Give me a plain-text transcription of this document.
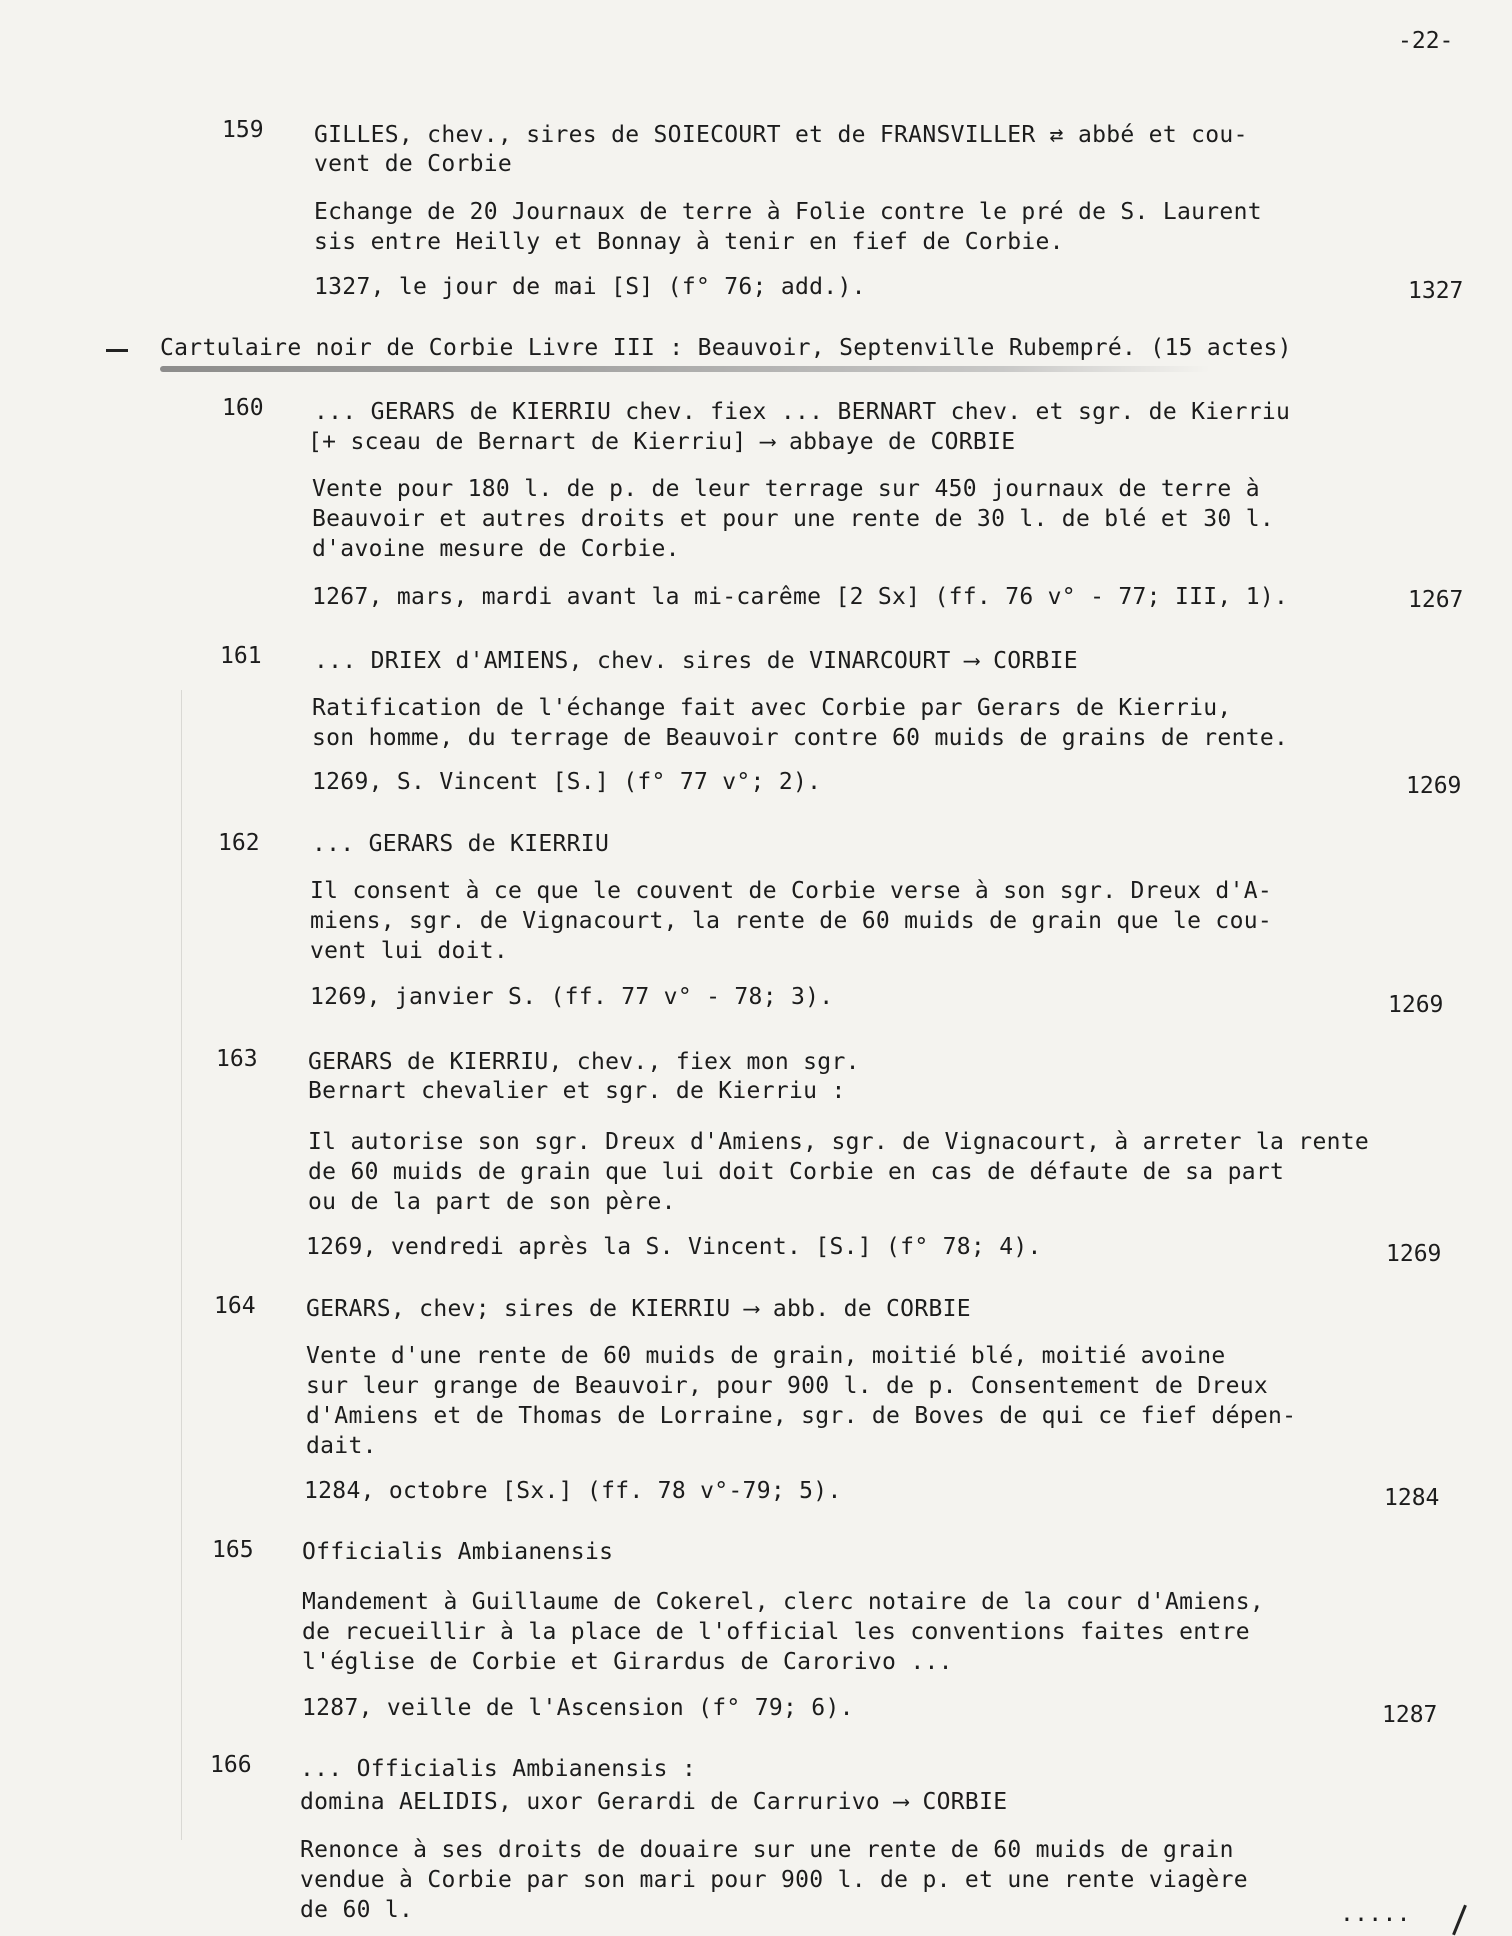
-22-
159 GILLES, chev., sires de SOIECOURT et de FRANSVILLER ⇄ abbé et cou-
vent de Corbie
Echange de 20 Journaux de terre à Folie contre le pré de S. Laurent
sis entre Heilly et Bonnay à tenir en fief de Corbie.
1327, le jour de mai [S] (f° 76; add.).	1327
Cartulaire noir de Corbie Livre III : Beauvoir, Septenville Rubempré. (15 actes)
160 ... GERARS de KIERRIU chev. fiex ... BERNART chev. et sgr. de Kierriu
[+ sceau de Bernart de Kierriu] ⟶ abbaye de CORBIE
Vente pour 180 l. de p. de leur terrage sur 450 journaux de terre à
Beauvoir et autres droits et pour une rente de 30 l. de blé et 30 l.
d'avoine mesure de Corbie.
1267, mars, mardi avant la mi-carême [2 Sx] (ff. 76 v° - 77; III, 1).	1267
161 ... DRIEX d'AMIENS, chev. sires de VINARCOURT ⟶ CORBIE
Ratification de l'échange fait avec Corbie par Gerars de Kierriu,
son homme, du terrage de Beauvoir contre 60 muids de grains de rente.
1269, S. Vincent [S.] (f° 77 v°; 2).	1269
162 ... GERARS de KIERRIU
Il consent à ce que le couvent de Corbie verse à son sgr. Dreux d'A-
miens, sgr. de Vignacourt, la rente de 60 muids de grain que le cou-
vent lui doit.
1269, janvier S. (ff. 77 v° - 78; 3).	1269
163 GERARS de KIERRIU, chev., fiex mon sgr.
Bernart chevalier et sgr. de Kierriu :
Il autorise son sgr. Dreux d'Amiens, sgr. de Vignacourt, à arreter la rente
de 60 muids de grain que lui doit Corbie en cas de défaute de sa part
ou de la part de son père.
1269, vendredi après la S. Vincent. [S.] (f° 78; 4).	1269
164 GERARS, chev; sires de KIERRIU ⟶ abb. de CORBIE
Vente d'une rente de 60 muids de grain, moitié blé, moitié avoine
sur leur grange de Beauvoir, pour 900 l. de p. Consentement de Dreux
d'Amiens et de Thomas de Lorraine, sgr. de Boves de qui ce fief dépen-
dait.
1284, octobre [Sx.] (ff. 78 v°-79; 5).	1284
165 Officialis Ambianensis
Mandement à Guillaume de Cokerel, clerc notaire de la cour d'Amiens,
de recueillir à la place de l'official les conventions faites entre
l'église de Corbie et Girardus de Carorivo ...
1287, veille de l'Ascension (f° 79; 6).	1287
166 ... Officialis Ambianensis :
domina AELIDIS, uxor Gerardi de Carrurivo ⟶ CORBIE
Renonce à ses droits de douaire sur une rente de 60 muids de grain
vendue à Corbie par son mari pour 900 l. de p. et une rente viagère
de 60 l.	.....
